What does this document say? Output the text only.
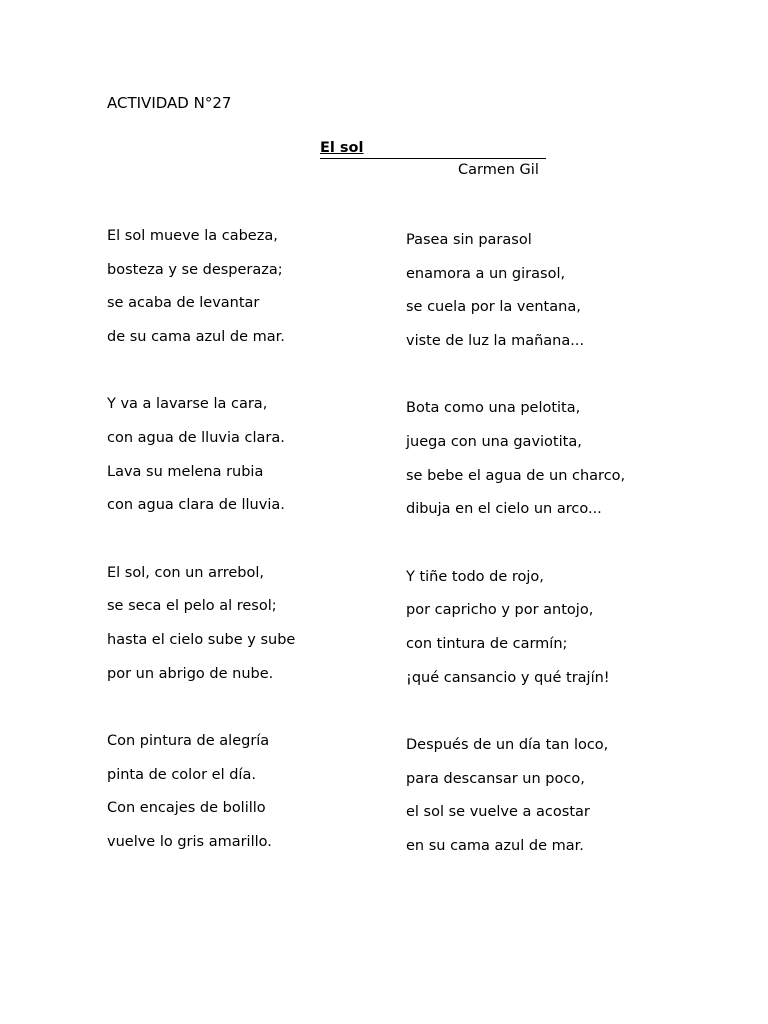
ACTIVIDAD N°27
El sol
Carmen Gil
El sol mueve la cabeza,
bosteza y se desperaza;
se acaba de levantar
de su cama azul de mar.
Y va a lavarse la cara,
con agua de lluvia clara.
Lava su melena rubia
con agua clara de lluvia.
El sol, con un arrebol,
se seca el pelo al resol;
hasta el cielo sube y sube
por un abrigo de nube.
Con pintura de alegría
pinta de color el día.
Con encajes de bolillo
vuelve lo gris amarillo.
Pasea sin parasol
enamora a un girasol,
se cuela por la ventana,
viste de luz la mañana...
Bota como una pelotita,
juega con una gaviotita,
se bebe el agua de un charco,
dibuja en el cielo un arco...
Y tiñe todo de rojo,
por capricho y por antojo,
con tintura de carmín;
¡qué cansancio y qué trajín!
Después de un día tan loco,
para descansar un poco,
el sol se vuelve a acostar
en su cama azul de mar.
